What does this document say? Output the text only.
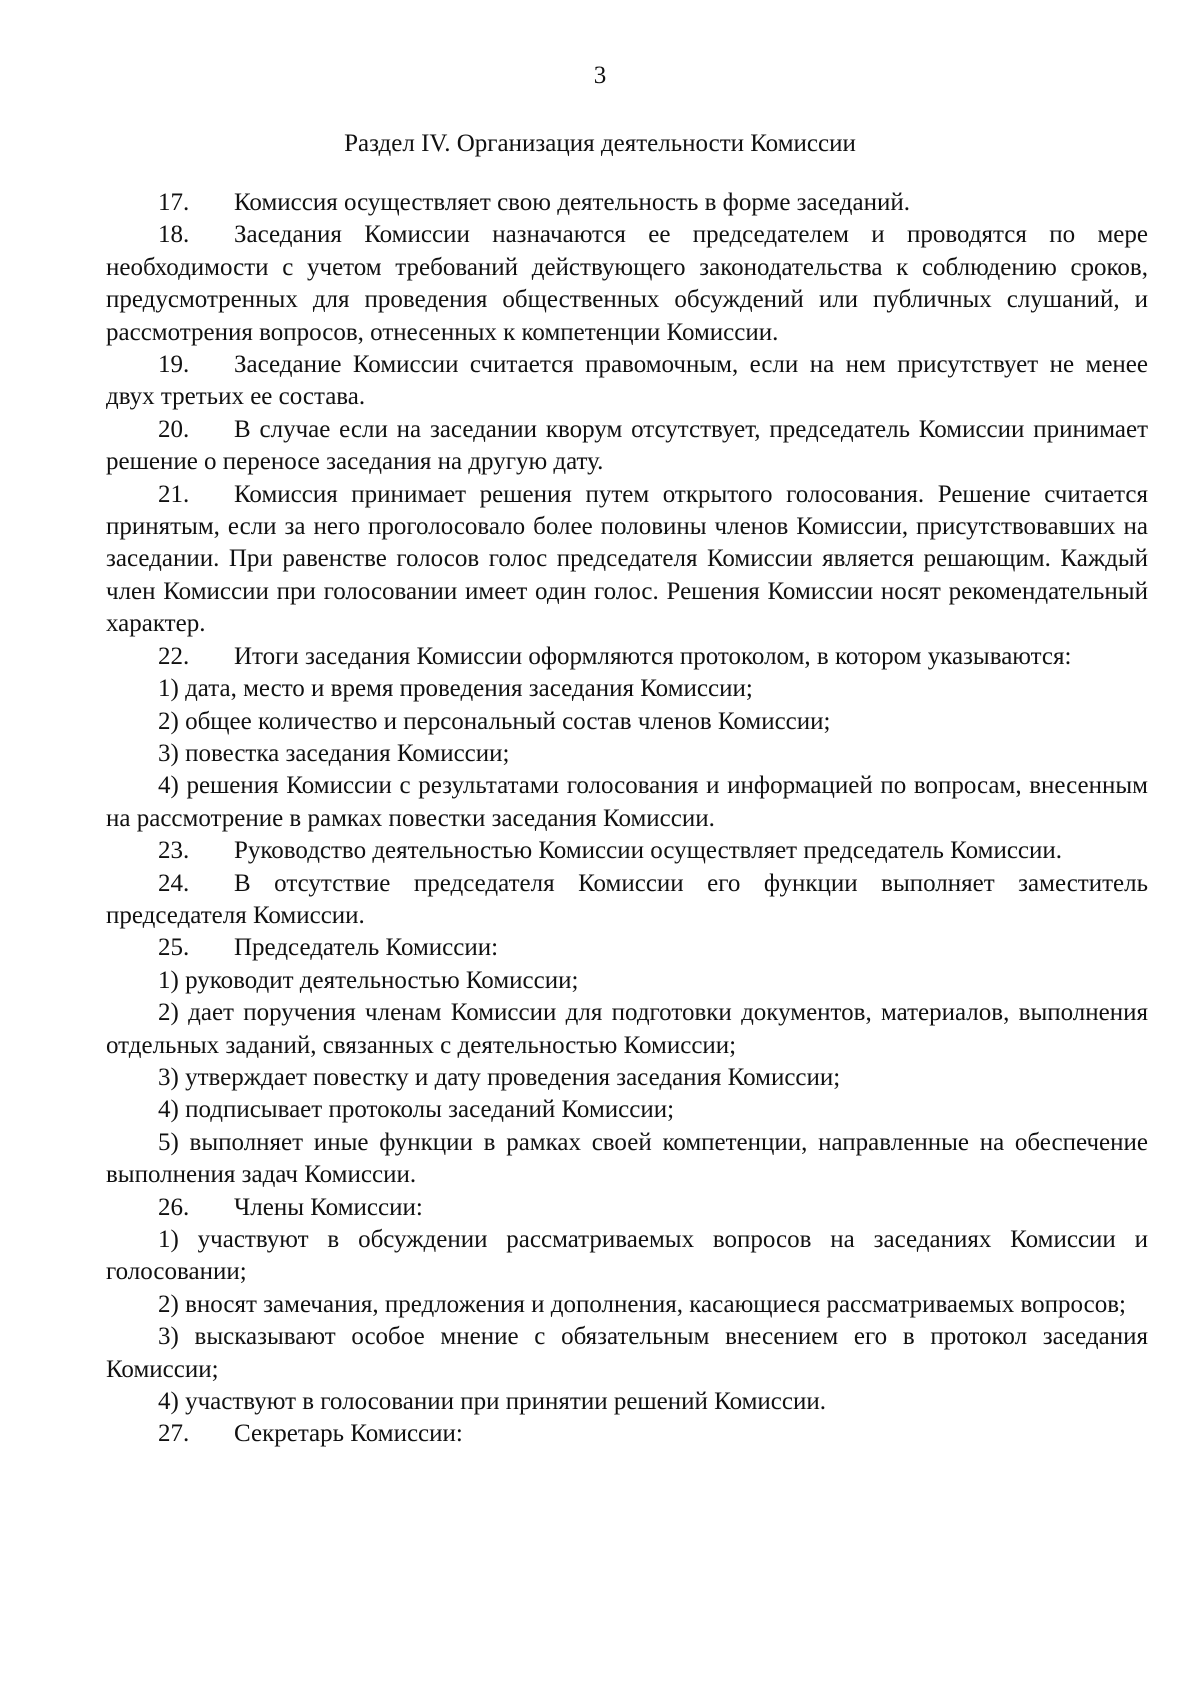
3
Раздел IV. Организация деятельности Комиссии

17. Комиссия осуществляет свою деятельность в форме заседаний.

18. Заседания Комиссии назначаются ее председателем и проводятся по мере необходимости с учетом требований действующего законодательства к соблюдению сроков, предусмотренных для проведения общественных обсуждений или публичных слушаний, и рассмотрения вопросов, отнесенных к компетенции Комиссии.

19. Заседание Комиссии считается правомочным, если на нем присутствует не менее двух третьих ее состава.

20. В случае если на заседании кворум отсутствует, председатель Комиссии принимает решение о переносе заседания на другую дату.

21. Комиссия принимает решения путем открытого голосования. Решение считается принятым, если за него проголосовало более половины членов Комиссии, присутствовавших на заседании. При равенстве голосов голос председателя Комиссии является решающим. Каждый член Комиссии при голосовании имеет один голос. Решения Комиссии носят рекомендательный характер.

22. Итоги заседания Комиссии оформляются протоколом, в котором указываются:

1) дата, место и время проведения заседания Комиссии;

2) общее количество и персональный состав членов Комиссии;

3) повестка заседания Комиссии;

4) решения Комиссии с результатами голосования и информацией по вопросам, внесенным на рассмотрение в рамках повестки заседания Комиссии.

23. Руководство деятельностью Комиссии осуществляет председатель Комиссии.

24. В отсутствие председателя Комиссии его функции выполняет заместитель председателя Комиссии.

25. Председатель Комиссии:

1) руководит деятельностью Комиссии;

2) дает поручения членам Комиссии для подготовки документов, материалов, выполнения отдельных заданий, связанных с деятельностью Комиссии;

3) утверждает повестку и дату проведения заседания Комиссии;

4) подписывает протоколы заседаний Комиссии;

5) выполняет иные функции в рамках своей компетенции, направленные на обеспечение выполнения задач Комиссии.

26. Члены Комиссии:

1) участвуют в обсуждении рассматриваемых вопросов на заседаниях Комиссии и голосовании;

2) вносят замечания, предложения и дополнения, касающиеся рассматриваемых вопросов;

3) высказывают особое мнение с обязательным внесением его в протокол заседания Комиссии;

4) участвуют в голосовании при принятии решений Комиссии.

27. Секретарь Комиссии:
